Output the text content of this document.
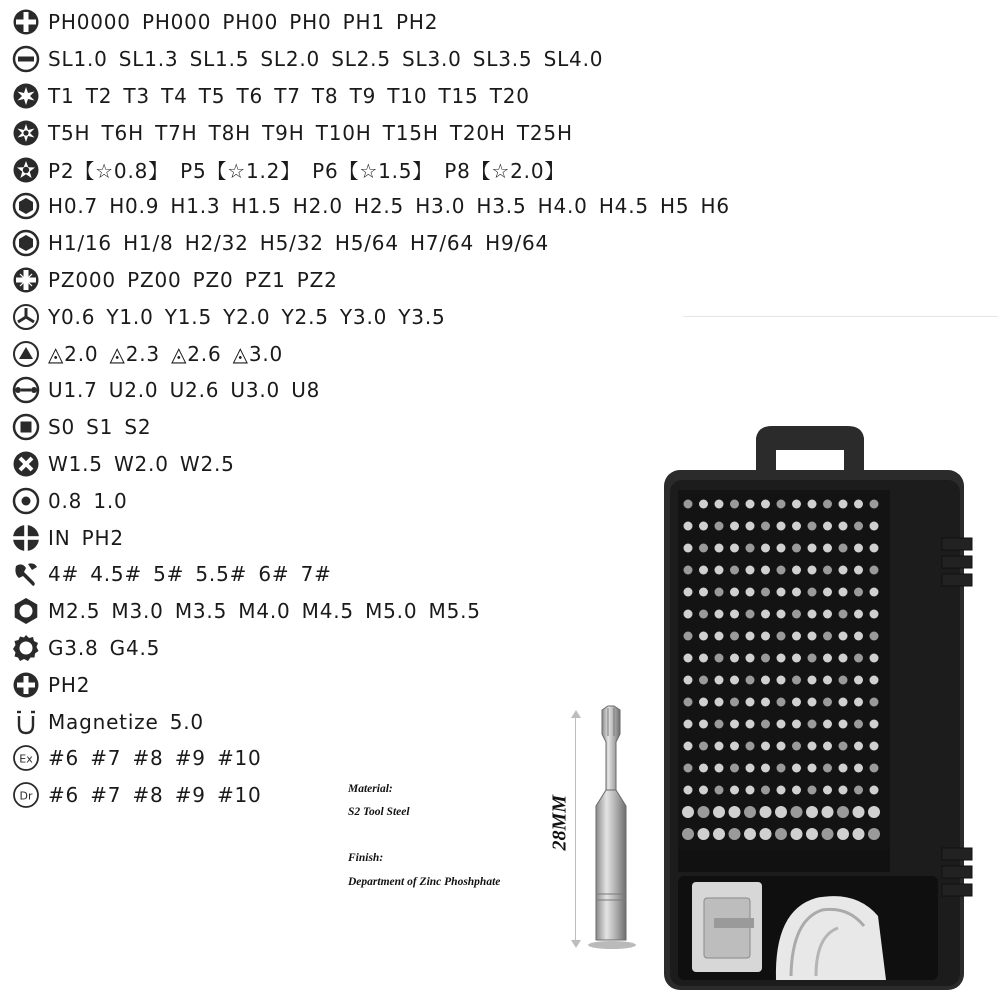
PH0000 PH000 PH00 PH0 PH1 PH2
SL1.0 SL1.3 SL1.5 SL2.0 SL2.5 SL3.0 SL3.5 SL4.0
T1 T2 T3 T4 T5 T6 T7 T8 T9 T10 T15 T20
T5H T6H T7H T8H T9H T10H T15H T20H T25H
P2【☆0.8】 P5【☆1.2】 P6【☆1.5】 P8【☆2.0】
H0.7 H0.9 H1.3 H1.5 H2.0 H2.5 H3.0 H3.5 H4.0 H4.5 H5 H6
H1/16 H1/8 H2/32 H5/32 H5/64 H7/64 H9/64
PZ000 PZ00 PZ0 PZ1 PZ2
Y0.6 Y1.0 Y1.5 Y2.0 Y2.5 Y3.0 Y3.5
◬2.0 ◬2.3 ◬2.6 ◬3.0
U1.7 U2.0 U2.6 U3.0 U8
S0 S1 S2
W1.5 W2.0 W2.5
0.8 1.0
IN PH2
4# 4.5# 5# 5.5# 6# 7#
M2.5 M3.0 M3.5 M4.0 M4.5 M5.0 M5.5
G3.8 G4.5
PH2
Magnetize 5.0
Ex #6 #7 #8 #9 #10
Dr #6 #7 #8 #9 #10	Material:
S2 Tool Steel
Finish:
Department of Zinc Phoshphate
28MM
